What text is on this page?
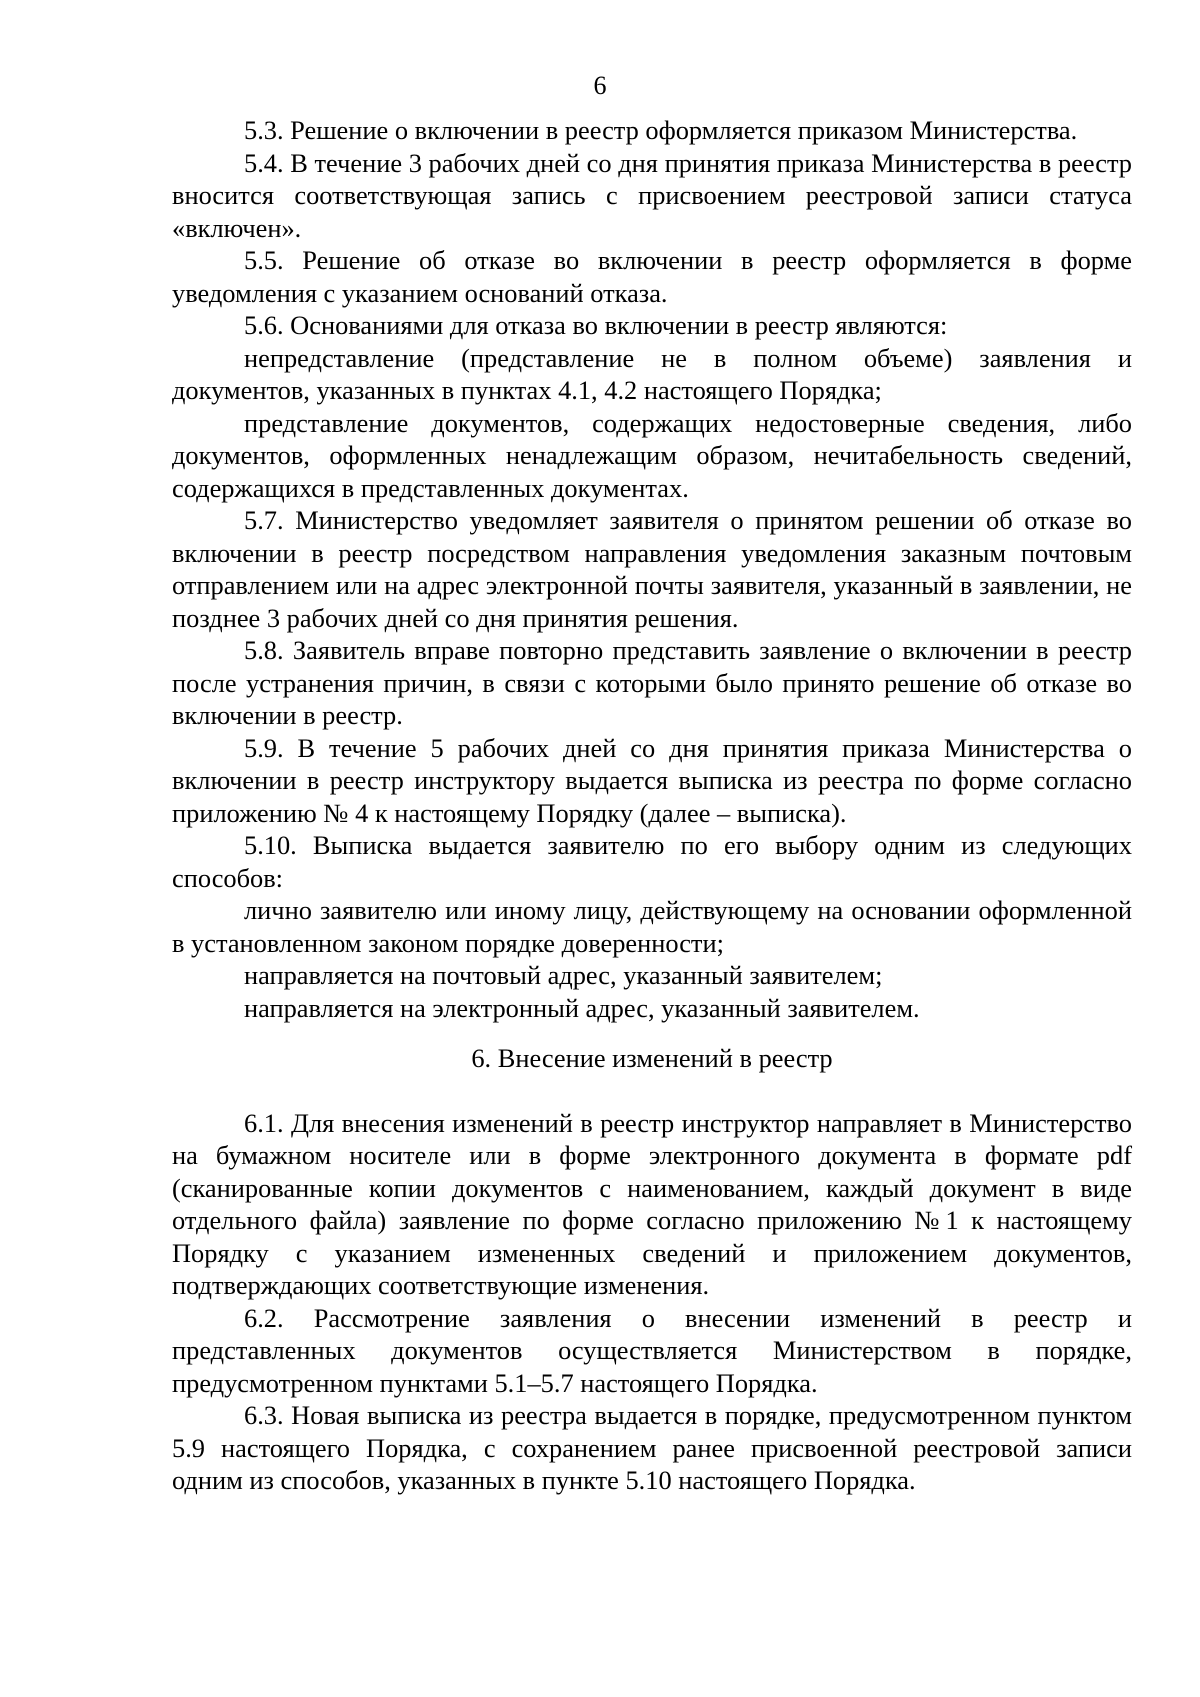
6

5.3. Решение о включении в реестр оформляется приказом Министерства.

5.4. В течение 3 рабочих дней со дня принятия приказа Министерства в реестр вносится соответствующая запись с присвоением реестровой записи статуса «включен».

5.5. Решение об отказе во включении в реестр оформляется в форме уведомления с указанием оснований отказа.

5.6. Основаниями для отказа во включении в реестр являются:

непредставление (представление не в полном объеме) заявления и документов, указанных в пунктах 4.1, 4.2 настоящего Порядка;

представление документов, содержащих недостоверные сведения, либо документов, оформленных ненадлежащим образом, нечитабельность сведений, содержащихся в представленных документах.

5.7. Министерство уведомляет заявителя о принятом решении об отказе во включении в реестр посредством направления уведомления заказным почтовым отправлением или на адрес электронной почты заявителя, указанный в заявлении, не позднее 3 рабочих дней со дня принятия решения.

5.8. Заявитель вправе повторно представить заявление о включении в реестр после устранения причин, в связи с которыми было принято решение об отказе во включении в реестр.

5.9. В течение 5 рабочих дней со дня принятия приказа Министерства о включении в реестр инструктору выдается выписка из реестра по форме согласно приложению № 4 к настоящему Порядку (далее – выписка).

5.10. Выписка выдается заявителю по его выбору одним из следующих способов:

лично заявителю или иному лицу, действующему на основании оформленной в установленном законом порядке доверенности;

направляется на почтовый адрес, указанный заявителем;

направляется на электронный адрес, указанный заявителем.

6. Внесение изменений в реестр

6.1. Для внесения изменений в реестр инструктор направляет в Министерство на бумажном носителе или в форме электронного документа в формате pdf (сканированные копии документов с наименованием, каждый документ в виде отдельного файла) заявление по форме согласно приложению №1 к настоящему Порядку с указанием измененных сведений и приложением документов, подтверждающих соответствующие изменения.

6.2. Рассмотрение заявления о внесении изменений в реестр и представленных документов осуществляется Министерством в порядке, предусмотренном пунктами 5.1–5.7 настоящего Порядка.

6.3. Новая выписка из реестра выдается в порядке, предусмотренном пунктом 5.9 настоящего Порядка, с сохранением ранее присвоенной реестровой записи одним из способов, указанных в пункте 5.10 настоящего Порядка.
